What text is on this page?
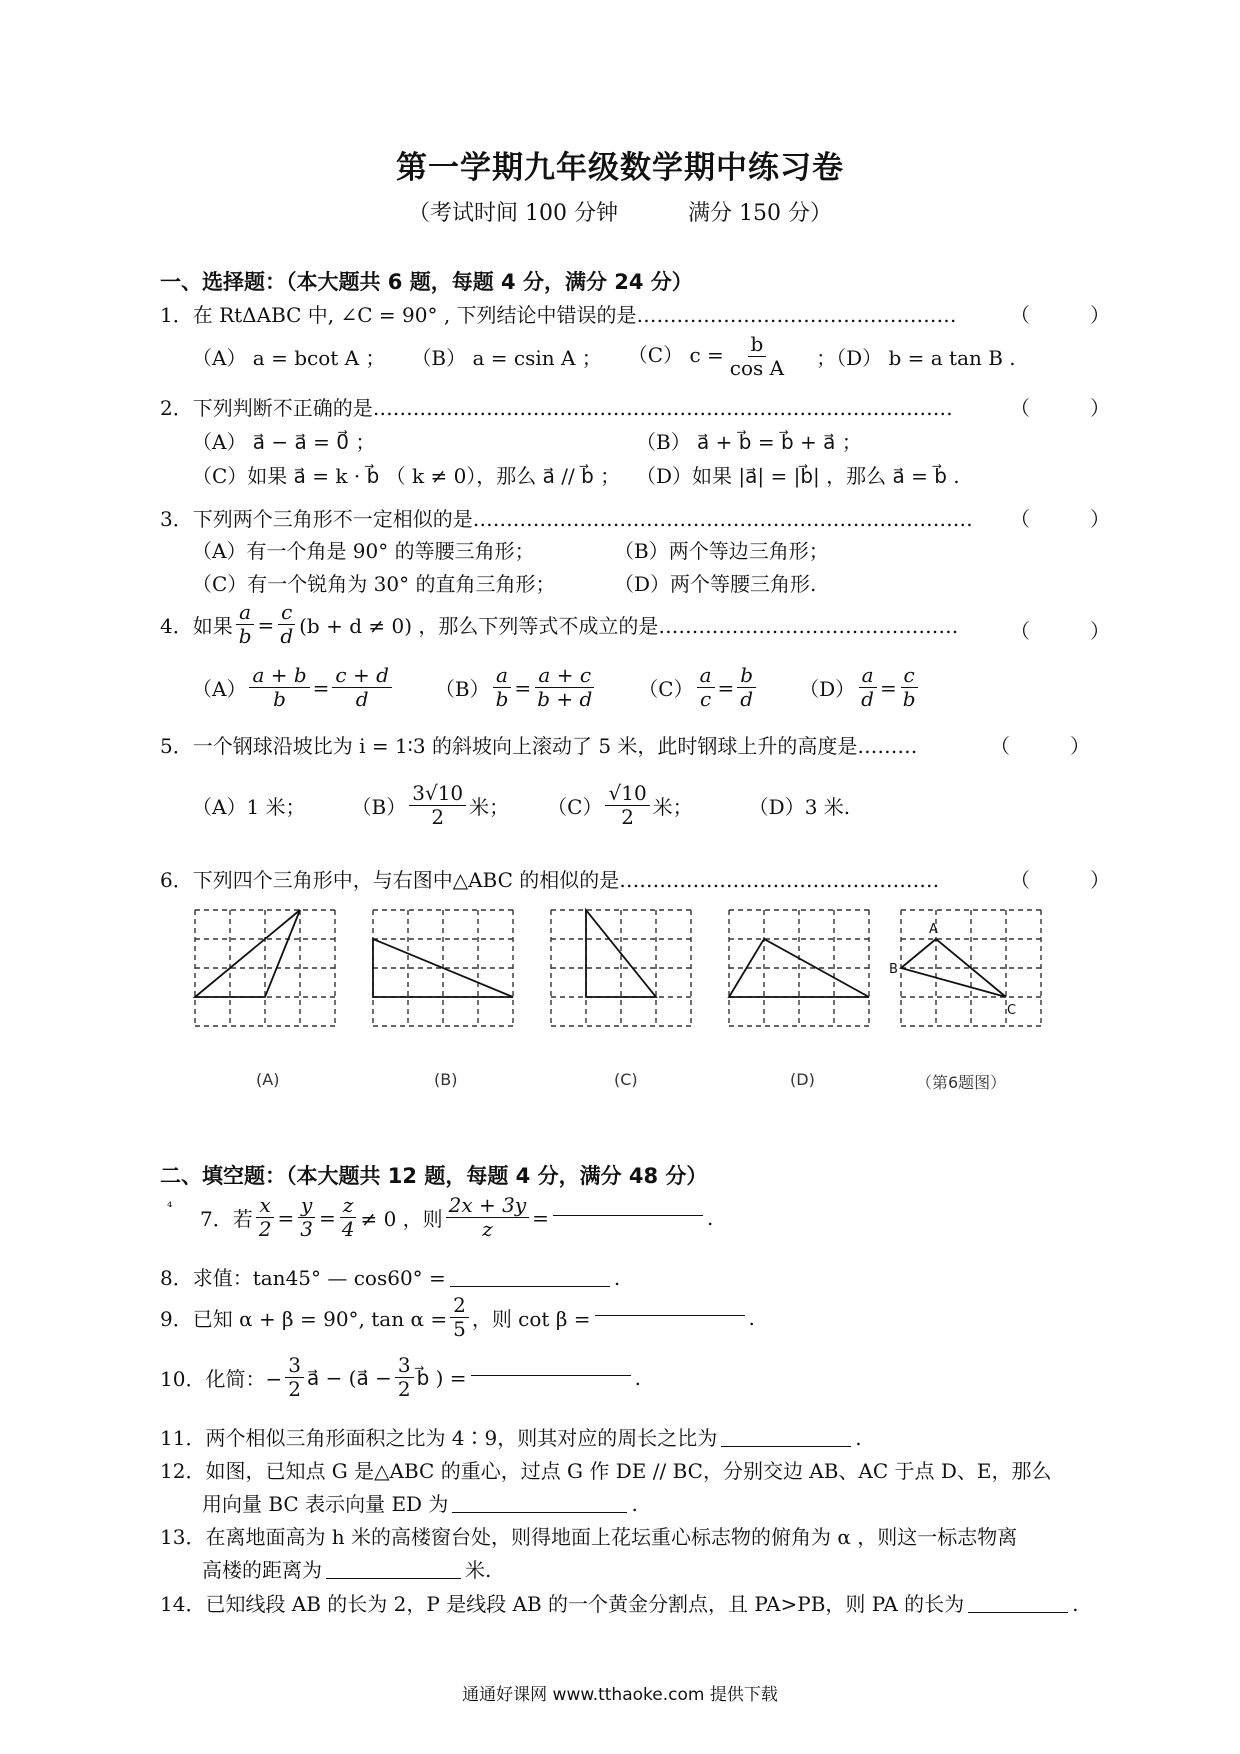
第一学期九年级数学期中练习卷
（考试时间 100 分钟	满分 150 分）
一、选择题：（本大题共 6 题，每题 4 分，满分 24 分）
1．在 RtΔABC 中, ∠C = 90° , 下列结论中错误的是…………………………………………	（　　　）
（A） a = bcot A ； （B） a = csin A ； （C） $c = \frac{b}{\text{cos A}}$ ；（D） b = a tan B .
2．下列判断不正确的是……………………………………………………………………………	（　　　）
（A） a⃗ − a⃗ = 0⃗ ；	（B） a⃗ + b⃗ = b⃗ + a⃗ ；
（C）如果 a⃗ = k · b⃗ （ k ≠ 0），那么 a⃗ // b⃗ ； （D）如果 |a⃗| = |b⃗| ，那么 a⃗ = b⃗ .
3．下列两个三角形不一定相似的是………………………………………………………………… （　　　）
（A）有一个角是 90° 的等腰三角形；	（B）两个等边三角形；
（C）有一个锐角为 30° 的直角三角形；	（D）两个等腰三角形.
4．如果 $\frac{a}{b} = \frac{c}{d} (b + d \ne 0)$ ，那么下列等式不成立的是………………………………………	（　　　）
$(A) \frac{a + b}{b} = \frac{c + d}{d} (B) \frac{a}{b} = \frac{a + c}{b + d} (C) \frac{a}{c} = \frac{b}{d} (D) \frac{a}{d} = \frac{c}{b}$
5．一个钢球沿坡比为 i = 1∶3 的斜坡向上滚动了 5 米，此时钢球上升的高度是………	（　　　）
（A）1 米； $(B) \frac{3√10}{2}$ 米； $(C) \frac{√10}{2}$ 米；	（D）3 米.
6．下列四个三角形中，与右图中△ABC 的相似的是…………………………………………	（　　　）
A
B
C
(A)	(B)	(C)	(D)	（第6题图）
二、填空题：（本大题共 12 题，每题 4 分，满分 48 分）
⁴ 7．若 $\frac{x}{2} = \frac{y}{3} = \frac{z}{4} \ne 0$ ，则 $\frac{2x + 3y}{z}$ =	.
8．求值：tan45° — cos60° =	.
9．已知 α + β = 90°, $\tan \alpha = \frac{2}{5}$ ，则 cot β =	.
10．化简：− $\frac{3}{2}$ a⃗ − (a⃗ − $\frac{3}{2}$ b⃗ ) =	.
11．两个相似三角形面积之比为 4∶9，则其对应的周长之比为	.
12．如图，已知点 G 是△ABC 的重心，过点 G 作 DE // BC，分别交边 AB、AC 于点 D、E，那么
用向量 BC 表示向量 ED 为	.
13．在离地面高为 h 米的高楼窗台处，则得地面上花坛重心标志物的俯角为 α ，则这一标志物离
高楼的距离为	米.
14．已知线段 AB 的长为 2，P 是线段 AB 的一个黄金分割点，且 PA>PB，则 PA 的长为	.
通通好课网 www.tthaoke.com 提供下载
